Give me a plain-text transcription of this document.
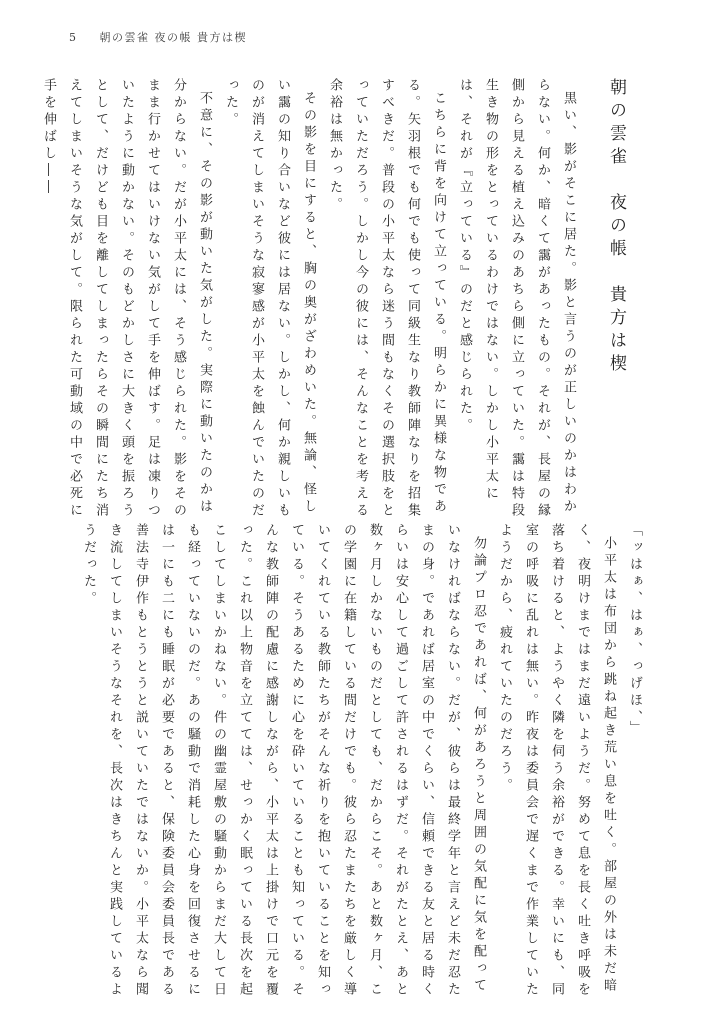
5 朝の雲雀 夜の帳 貴方は楔
朝の雲雀　夜の帳　貴方は楔

黒い、影がそこに居た。影と言うのが正しいのかはわからない。何か、暗くて靄があったもの。それが、長屋の縁側から見える植え込みのあちら側に立っていた。靄は特段生き物の形をとっているわけではない。しかし小平太には、それが『立っている』のだと感じられた。

こちらに背を向けて立っている。明らかに異様な物である。矢羽根でも何でも使って同級生なり教師陣なりを招集すべきだ。普段の小平太なら迷う間もなくその選択肢をとっていただろう。しかし今の彼には、そんなことを考える余裕は無かった。

その影を目にすると、胸の奥がざわめいた。無論、怪しい靄の知り合いなど彼には居ない。しかし、何か親しいものが消えてしまいそうな寂寥感が小平太を蝕んでいたのだった。

不意に、その影が動いた気がした。実際に動いたのかは分からない。だが小平太には、そう感じられた。影をそのまま行かせてはいけない気がして手を伸ばす。足は凍りついたように動かない。そのもどかしさに大きく頭を振ろうとして、だけども目を離してしまったらその瞬間にたち消えてしまいそうな気がして。限られた可動域の中で必死に手を伸ばし――

「ッはぁ、はぁ、っげほ、」

小平太は布団から跳ね起き荒い息を吐く。部屋の外は未だ暗く、夜明けまではまだ遠いようだ。努めて息を長く吐き呼吸を落ち着けると、ようやく隣を伺う余裕ができる。幸いにも、同室の呼吸に乱れは無い。昨夜は委員会で遅くまで作業していたようだから、疲れていたのだろう。

勿論プロ忍であれば、何があろうと周囲の気配に気を配っていなければならない。だが、彼らは最終学年と言えど未だ忍たまの身。であれば居室の中でくらい、信頼できる友と居る時くらいは安心して過ごして許されるはずだ。それがたとえ、あと数ヶ月しかないものだとしても、だからこそ。あと数ヶ月、この学園に在籍している間だけでも。彼ら忍たまたちを厳しく導いてくれている教師たちがそんな祈りを抱いていることを知っている。そうあるために心を砕いていることも知っている。そんな教師陣の配慮に感謝しながら、小平太は上掛けで口元を覆った。これ以上物音を立てては、せっかく眠っている長次を起こしてしまいかねない。件の幽霊屋敷の騒動からまだ大して日も経っていないのだ。あの騒動で消耗した心身を回復させるには一にも二にも睡眠が必要であると、保険委員会委員長である善法寺伊作もとうとうと説いていたではないか。小平太なら聞き流してしまいそうなそれを、長次はきちんと実践しているようだった。
